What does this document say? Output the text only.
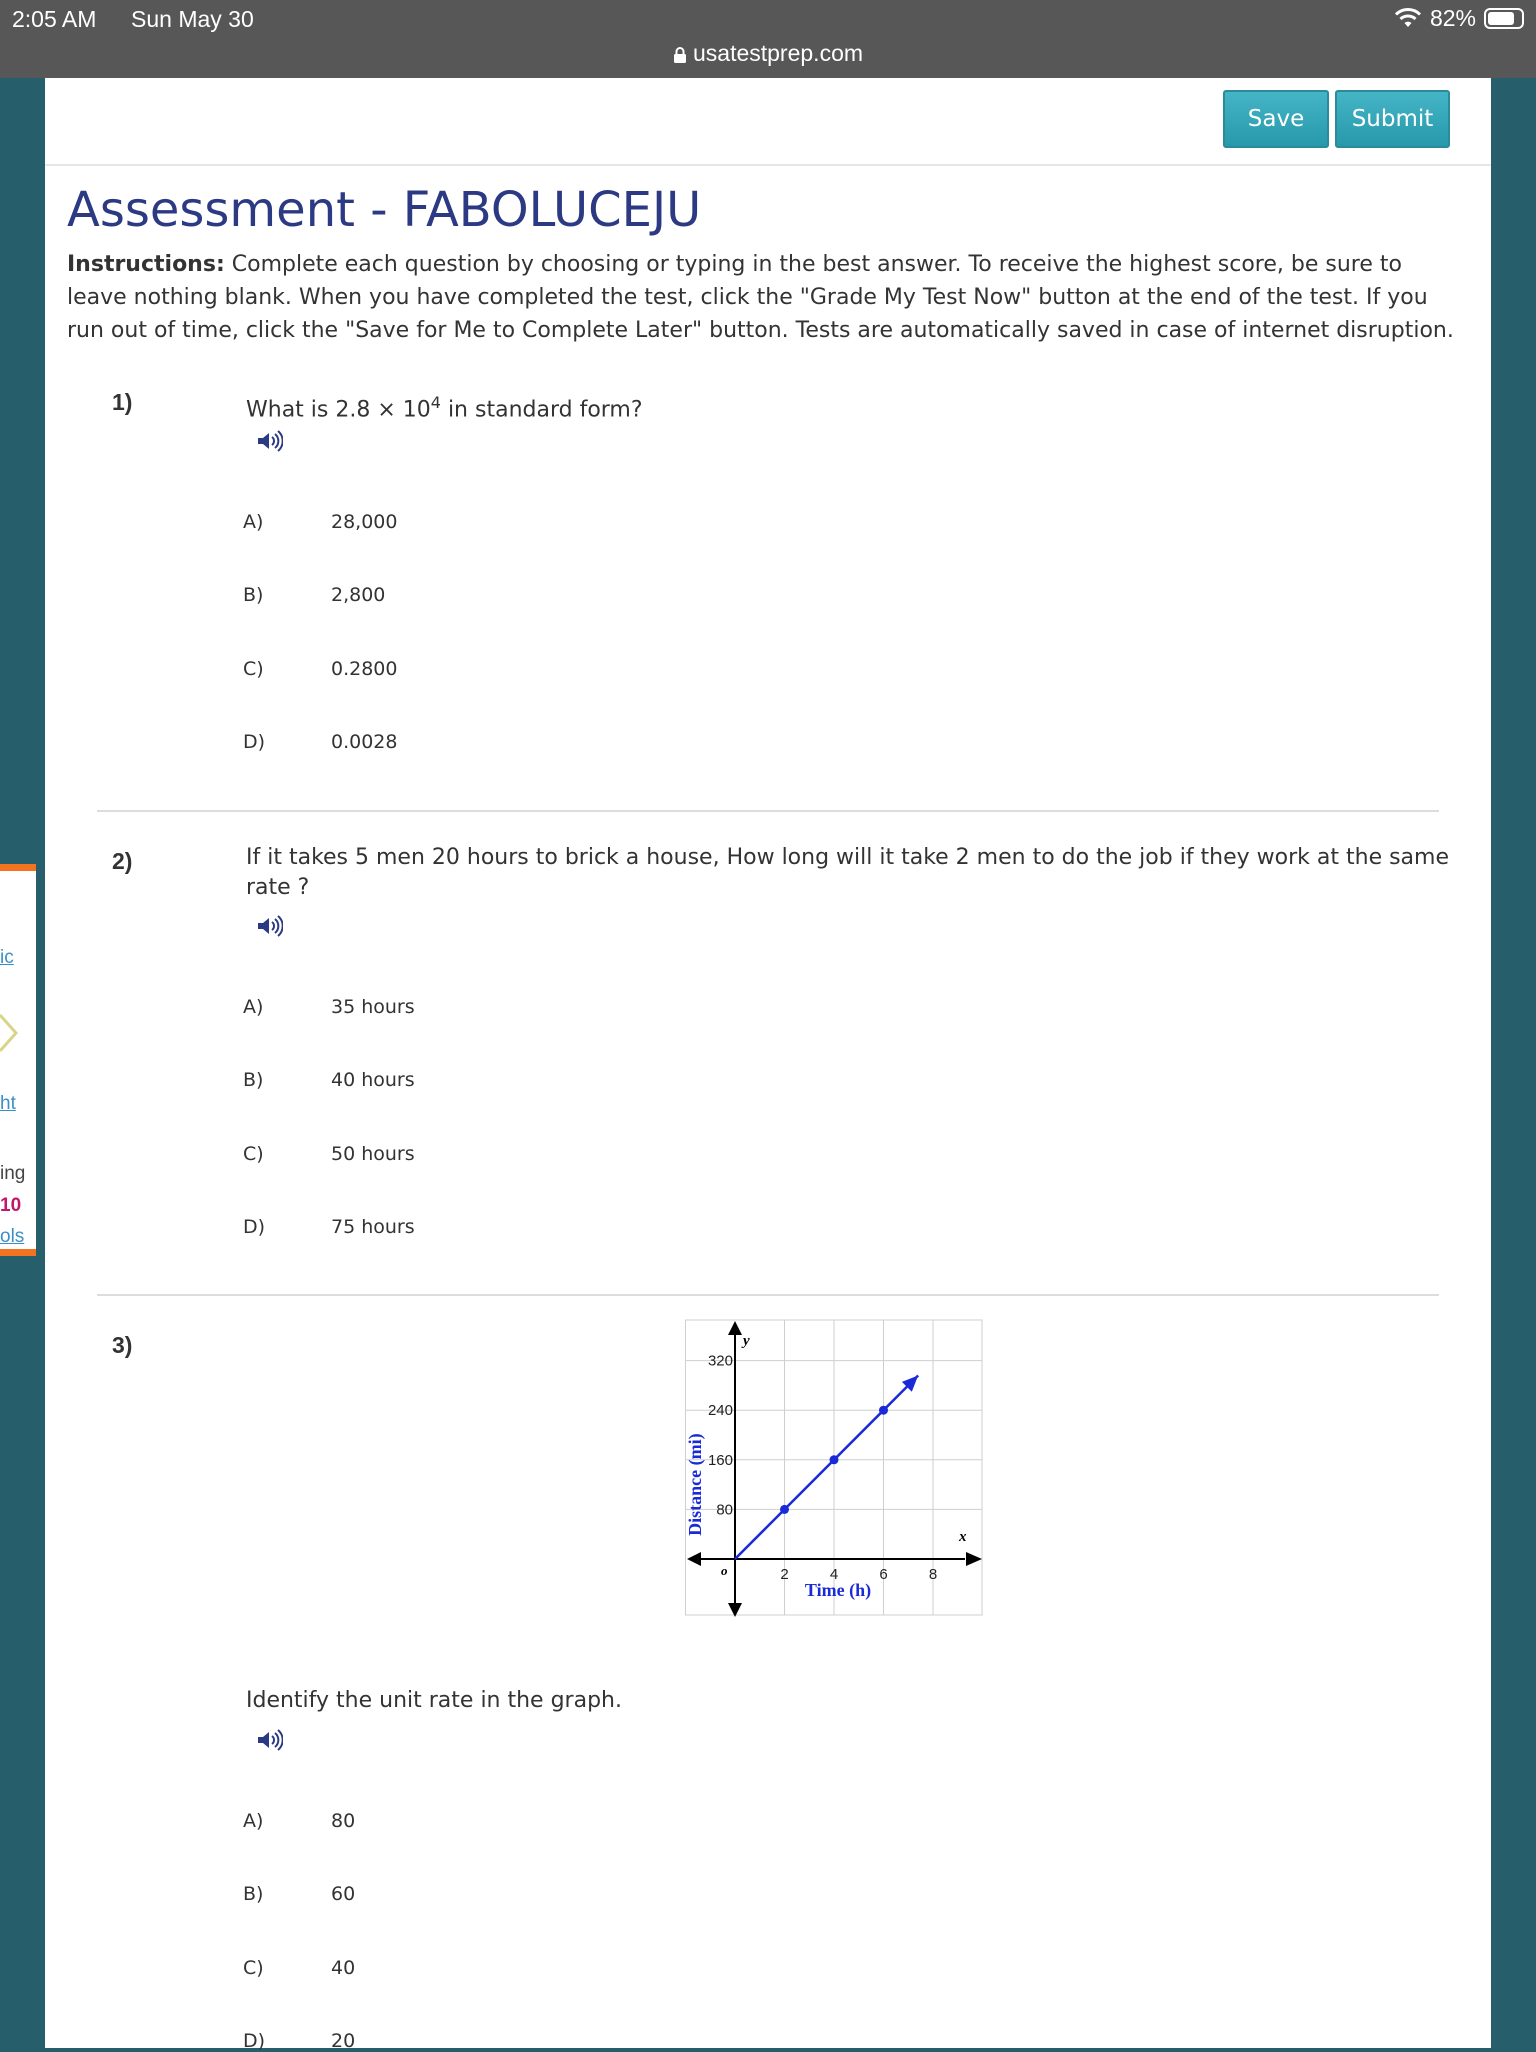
2:05 AM Sun May 30
usatestprep.com
82%
ic
ht
ing
10
ols
Save	Submit
Assessment - FABOLUCEJU
Instructions: Complete each question by choosing or typing in the best answer. To receive the highest score, be sure to leave nothing blank. When you have completed the test, click the "Grade My Test Now" button at the end of the test. If you run out of time, click the "Save for Me to Complete Later" button. Tests are automatically saved in case of internet disruption.
1)	What is $2.8 \times 10^4$ in standard form?
A)	28,000
B)	2,800
C)	0.2800
D)	0.0028
2)	If it takes 5 men 20 hours to brick a house, How long will it take 2 men to do the job if they work at the same rate ?
A)	35 hours
B)	40 hours
C)	50 hours
D)	75 hours
3)
2	4	6	8
80
160
240
320
y
x
o
Time (h)
Distance (mi)
Identify the unit rate in the graph.
A)	80
B)	60
C)	40
D)	20
